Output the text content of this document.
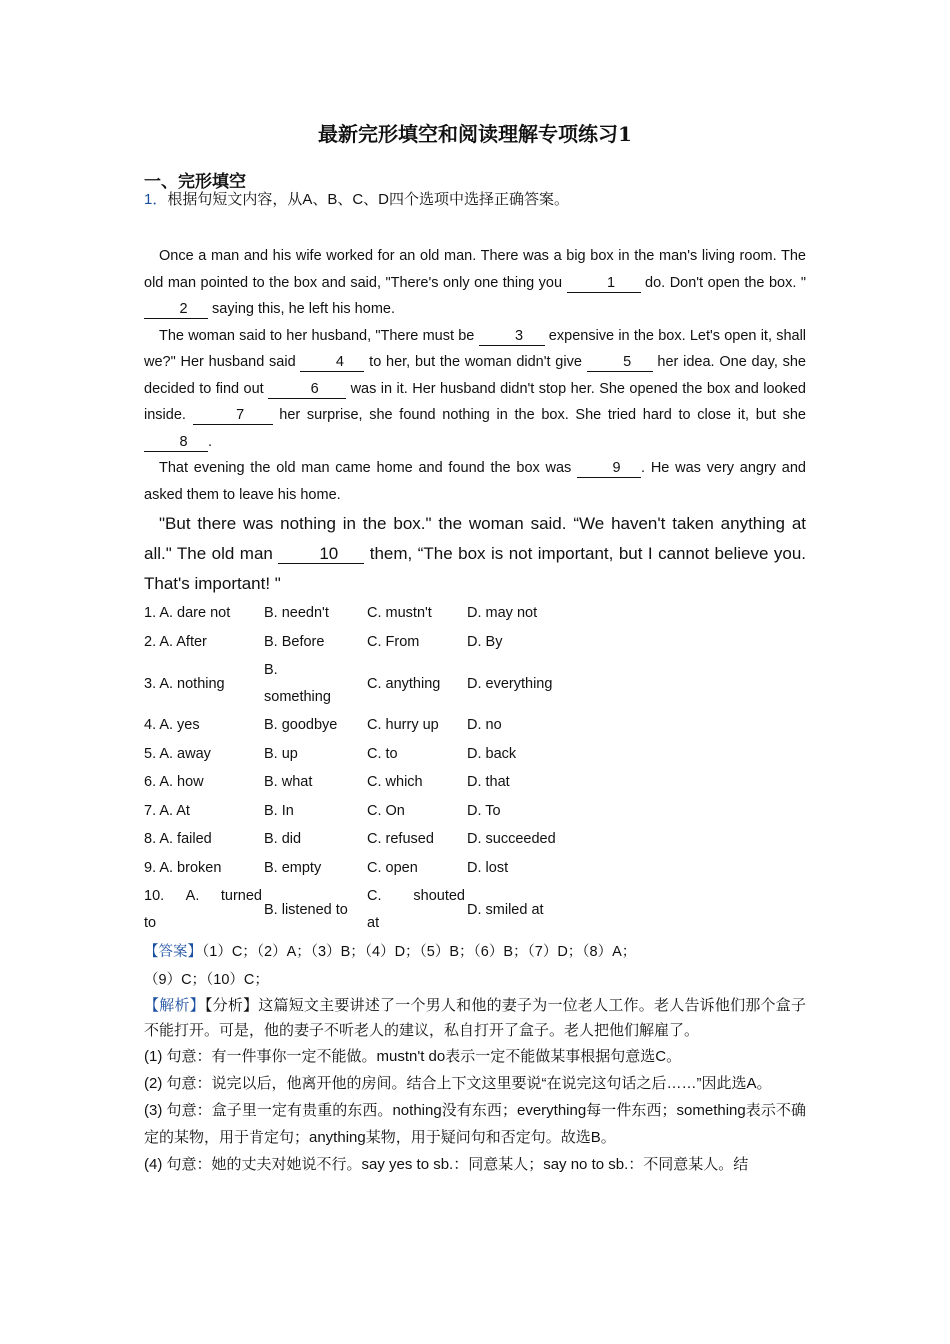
最新完形填空和阅读理解专项练习1
一、完形填空
1．根据句短文内容，从A、B、C、D四个选项中选择正确答案。

Once a man and his wife worked for an old man. There was a big box in the man's living room. The old man pointed to the box and said, "There's only one thing you	1 do. Don't open the box. " 2 saying this, he left his home.

The woman said to her husband, "There must be	3 expensive in the box. Let's open it, shall we?" Her husband said 4 to her, but the woman didn't give	5 her idea. One day, she decided to find out	6 was in it. Her husband didn't stop her. She opened the box and looked inside.	7 her surprise, she found nothing in the box. She tried hard to close it, but she 8 .

That evening the old man came home and found the box was 9 . He was very angry and asked them to leave his home.

"But there was nothing in the box." the woman said. “We haven't taken anything at all." The old man 10 them, “The box is not important, but I cannot believe you. That's important! "

1. A. dare not	B. needn't	C. mustn't	D. may not
2. A. After	B. Before	C. From	D. By
3. A. nothing	B.
something	C. anything	D. everything
4. A. yes	B. goodbye	C. hurry up	D. no
5. A. away	B. up	C. to	D. back
6. A. how	B. what	C. which	D. that
7. A. At	B. In	C. On	D. To
8. A. failed	B. did	C. refused	D. succeeded
9. A. broken	B. empty	C. open	D. lost

10. A. turned
to	B. listened to	C. shouted
at	D. smiled at
【答案】（1）C；（2）A；（3）B；（4）D；（5）B；（6）B；（7）D；（8）A；
（9）C；（10）C；

【解析】【分析】这篇短文主要讲述了一个男人和他的妻子为一位老人工作。老人告诉他们那个盒子不能打开。可是，他的妻子不听老人的建议，私自打开了盒子。老人把他们解雇了。

(1) 句意：有一件事你一定不能做。mustn't do表示一定不能做某事根据句意选C。

(2) 句意：说完以后，他离开他的房间。结合上下文这里要说“在说完这句话之后……”因此选A。

(3) 句意：盒子里一定有贵重的东西。nothing没有东西；everything每一件东西；something表示不确定的某物，用于肯定句；anything某物，用于疑问句和否定句。故选B。

(4) 句意：她的丈夫对她说不行。say yes to sb.：同意某人；say no to sb.：不同意某人。结
